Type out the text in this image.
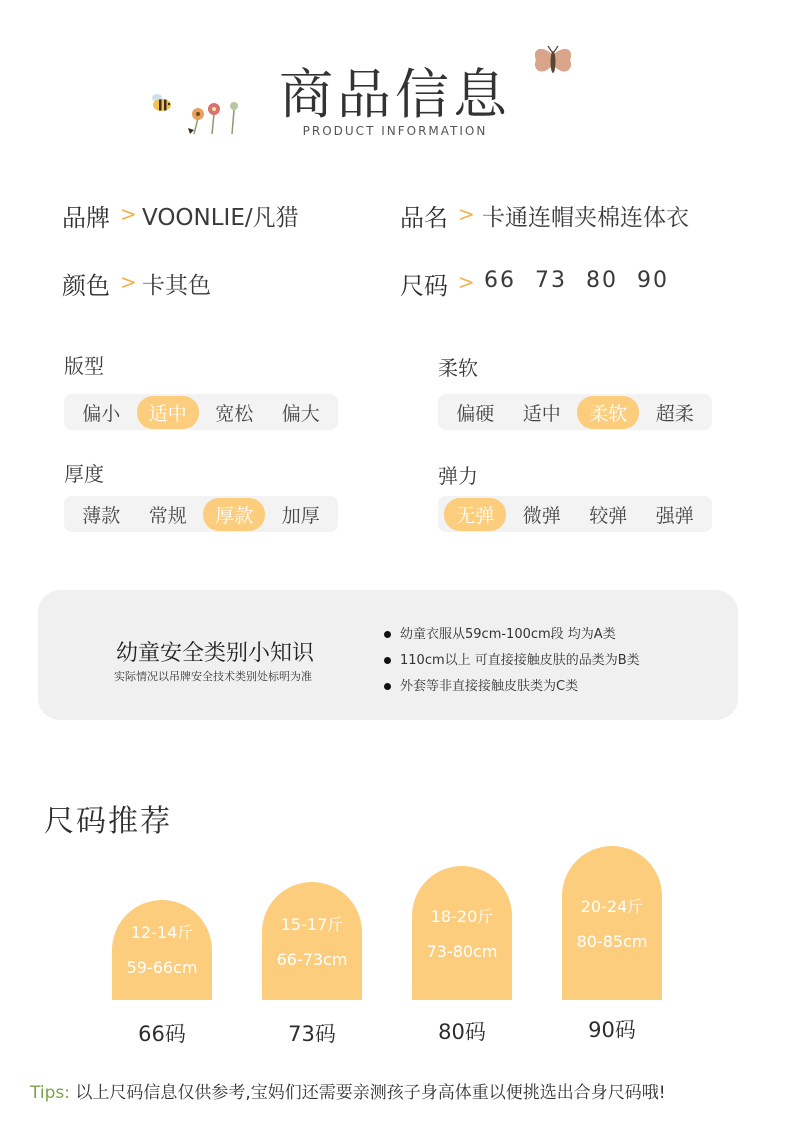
商品信息
PRODUCT INFORMATION
品牌 > VOONLIE/凡猎	品名 > 卡通连帽夹棉连体衣
颜色 > 卡其色	尺码 > 66 73 80 90
版型
偏小	适中	宽松	偏大
柔软
偏硬	适中	柔软	超柔
厚度
薄款	常规	厚款	加厚
弹力
无弹	微弹	较弹	强弹
幼童安全类别小知识
实际情况以吊牌安全技术类别处标明为准
幼童衣服从59cm-100cm段 均为A类
110cm以上 可直接接触皮肤的品类为B类
外套等非直接接触皮肤类为C类
尺码推荐
12-14斤
59-66cm
66码
15-17斤
66-73cm
73码
18-20斤
73-80cm
80码
20-24斤
80-85cm
90码
Tips: 以上尺码信息仅供参考,宝妈们还需要亲测孩子身高体重以便挑选出合身尺码哦!
